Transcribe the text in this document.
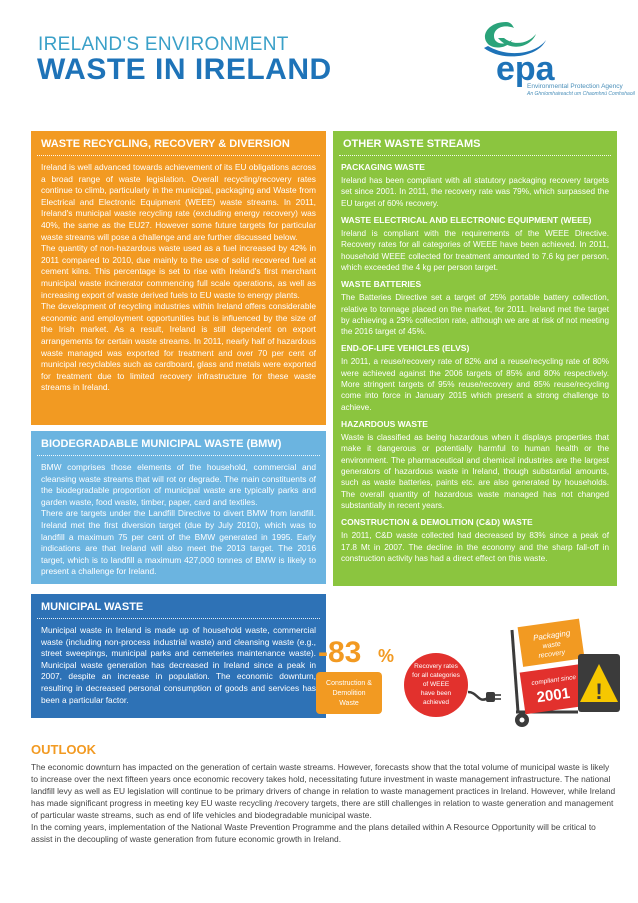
IRELAND'S ENVIRONMENT
WASTE IN IRELAND	epa
Environmental Protection Agency
An Ghníomhaireacht um Chaomhnú Comhshaoil
WASTE RECYCLING, RECOVERY & DIVERSION

Ireland is well advanced towards achievement of its EU obligations across a broad range of waste legislation. Overall recycling/recovery rates continue to climb, particularly in the municipal, packaging and Waste from Electrical and Electronic Equipment (WEEE) waste streams. In 2011, Ireland's municipal waste recycling rate (excluding energy recovery) was 40%, the same as the EU27. However some future targets for particular waste streams will pose a challenge and are further discussed below.

The quantity of non-hazardous waste used as a fuel increased by 42% in 2011 compared to 2010, due mainly to the use of solid recovered fuel at cement kilns. This percentage is set to rise with Ireland's first merchant municipal waste incinerator commencing full scale operations, as well as increasing export of waste derived fuels to EU waste to energy plants.

The development of recycling industries within Ireland offers considerable economic and employment opportunities but is influenced by the size of the Irish market. As a result, Ireland is still dependent on export arrangements for certain waste streams. In 2011, nearly half of hazardous waste managed was exported for treatment and over 70 per cent of municipal recyclables such as cardboard, glass and metals were exported for treatment due to limited recovery infrastructure for these waste streams in Ireland.

BIODEGRADABLE MUNICIPAL WASTE (BMW)

BMW comprises those elements of the household, commercial and cleansing waste streams that will rot or degrade. The main constituents of the biodegradable proportion of municipal waste are typically parks and garden waste, food waste, timber, paper, card and textiles.

There are targets under the Landfill Directive to divert BMW from landfill. Ireland met the first diversion target (due by July 2010), which was to landfill a maximum 75 per cent of the BMW generated in 1995. Early indications are that Ireland will also meet the 2013 target. The 2016 target, which is to landfill a maximum 427,000 tonnes of BMW is likely to present a challenge for Ireland.

MUNICIPAL WASTE

Municipal waste in Ireland is made up of household waste, commercial waste (including non-process industrial waste) and cleansing waste (e.g., street sweepings, municipal parks and cemeteries maintenance waste). Municipal waste generation has decreased in Ireland since a peak in 2007, despite an increase in population. The economic downturn, resulting in decreased personal consumption of goods and services has been a particular factor.

OTHER WASTE STREAMS
PACKAGING WASTE
Ireland has been compliant with all statutory packaging recovery targets set since 2001. In 2011, the recovery rate was 79%, which surpassed the EU target of 60% recovery.
WASTE ELECTRICAL AND ELECTRONIC EQUIPMENT (WEEE)
Ireland is compliant with the requirements of the WEEE Directive. Recovery rates for all categories of WEEE have been achieved. In 2011, household WEEE collected for treatment amounted to 7.6 kg per person, which exceeded the 4 kg per person target.
WASTE BATTERIES
The Batteries Directive set a target of 25% portable battery collection, relative to tonnage placed on the market, for 2011. Ireland met the target by achieving a 29% collection rate, although we are at risk of not meeting the 2016 target of 45%.
END-OF-LIFE VEHICLES (ELVS)
In 2011, a reuse/recovery rate of 82% and a reuse/recycling rate of 80% were achieved against the 2006 targets of 85% and 80% respectively. More stringent targets of 95% reuse/recovery and 85% reuse/recycling come into force in January 2015 which present a strong challenge to achieve.
HAZARDOUS WASTE
Waste is classified as being hazardous when it displays properties that make it dangerous or potentially harmful to human health or the environment. The pharmaceutical and chemical industries are the largest generators of hazardous waste in Ireland, though substantial amounts, such as waste batteries, paints etc. are also generated by households. The overall quantity of hazardous waste managed has not changed substantially in recent years.
CONSTRUCTION & DEMOLITION (C&D) WASTE
In 2011, C&D waste collected had decreased by 83% since a peak of 17.8 Mt in 2007. The decline in the economy and the sharp fall-off in construction activity has had a direct effect on this waste.
-83 %
Construction &
Demolition
Waste
Recovery rates
for all categories
of WEEE
have been
achieved
Packaging
waste
recovery
compliant since
2001 !
OUTLOOK

The economic downturn has impacted on the generation of certain waste streams. However, forecasts show that the total volume of municipal waste is likely to increase over the next fifteen years once economic recovery takes hold, necessitating future investment in waste management infrastructure. The national landfill levy as well as EU legislation will continue to be primary drivers of change in relation to waste management practices in Ireland. However, while Ireland has made significant progress in meeting key EU waste recycling /recovery targets, there are still challenges in relation to waste generation and management of particular waste streams, such as end of life vehicles and biodegradable municipal waste.

In the coming years, implementation of the National Waste Prevention Programme and the plans detailed within A Resource Opportunity will be critical to assist in the decoupling of waste generation from future economic growth in Ireland.
